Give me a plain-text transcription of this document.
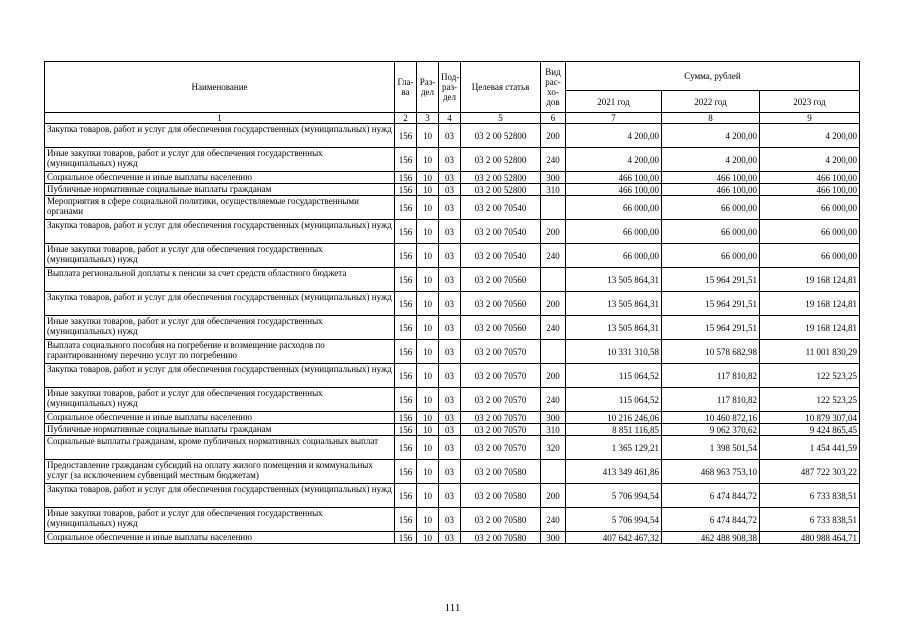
Наименование	Гла-ва	Раз-дел	Под-раз-дел	Целевая статья	Вид рас-хо-дов	Сумма, рублей		
						2021 год	2022 год	2023 год
1	2	3	4	5	6	7	8	9
Закупка товаров, работ и услуг для обеспечения государственных (муниципальных) нужд	156	10	03	03 2 00 52800	200	4 200,00	4 200,00	4 200,00
Иные закупки товаров, работ и услуг для обеспечения государственных (муниципальных) нужд	156	10	03	03 2 00 52800	240	4 200,00	4 200,00	4 200,00
Социальное обеспечение и иные выплаты населению	156	10	03	03 2 00 52800	300	466 100,00	466 100,00	466 100,00
Публичные нормативные социальные выплаты гражданам	156	10	03	03 2 00 52800	310	466 100,00	466 100,00	466 100,00
Мероприятия в сфере социальной политики, осуществляемые государственными органами	156	10	03	03 2 00 70540		66 000,00	66 000,00	66 000,00
Закупка товаров, работ и услуг для обеспечения государственных (муниципальных) нужд	156	10	03	03 2 00 70540	200	66 000,00	66 000,00	66 000,00
Иные закупки товаров, работ и услуг для обеспечения государственных (муниципальных) нужд	156	10	03	03 2 00 70540	240	66 000,00	66 000,00	66 000,00
Выплата региональной доплаты к пенсии за счет средств областного бюджета	156	10	03	03 2 00 70560		13 505 864,31	15 964 291,51	19 168 124,81
Закупка товаров, работ и услуг для обеспечения государственных (муниципальных) нужд	156	10	03	03 2 00 70560	200	13 505 864,31	15 964 291,51	19 168 124,81
Иные закупки товаров, работ и услуг для обеспечения государственных (муниципальных) нужд	156	10	03	03 2 00 70560	240	13 505 864,31	15 964 291,51	19 168 124,81
Выплата социального пособия на погребение и возмещение расходов по гарантированному перечню услуг по погребению	156	10	03	03 2 00 70570		10 331 310,58	10 578 682,98	11 001 830,29
Закупка товаров, работ и услуг для обеспечения государственных (муниципальных) нужд	156	10	03	03 2 00 70570	200	115 064,52	117 810,82	122 523,25
Иные закупки товаров, работ и услуг для обеспечения государственных (муниципальных) нужд	156	10	03	03 2 00 70570	240	115 064,52	117 810,82	122 523,25
Социальное обеспечение и иные выплаты населению	156	10	03	03 2 00 70570	300	10 216 246,06	10 460 872,16	10 879 307,04
Публичные нормативные социальные выплаты гражданам	156	10	03	03 2 00 70570	310	8 851 116,85	9 062 370,62	9 424 865,45
Социальные выплаты гражданам, кроме публичных нормативных социальных выплат	156	10	03	03 2 00 70570	320	1 365 129,21	1 398 501,54	1 454 441,59
Предоставление гражданам субсидий на оплату жилого помещения и коммунальных услуг (за исключением субвенций местным бюджетам)	156	10	03	03 2 00 70580		413 349 461,86	468 963 753,10	487 722 303,22
Закупка товаров, работ и услуг для обеспечения государственных (муниципальных) нужд	156	10	03	03 2 00 70580	200	5 706 994,54	6 474 844,72	6 733 838,51
Иные закупки товаров, работ и услуг для обеспечения государственных (муниципальных) нужд	156	10	03	03 2 00 70580	240	5 706 994,54	6 474 844,72	6 733 838,51
Социальное обеспечение и иные выплаты населению	156	10	03	03 2 00 70580	300	407 642 467,32	462 488 908,38	480 988 464,71
111
